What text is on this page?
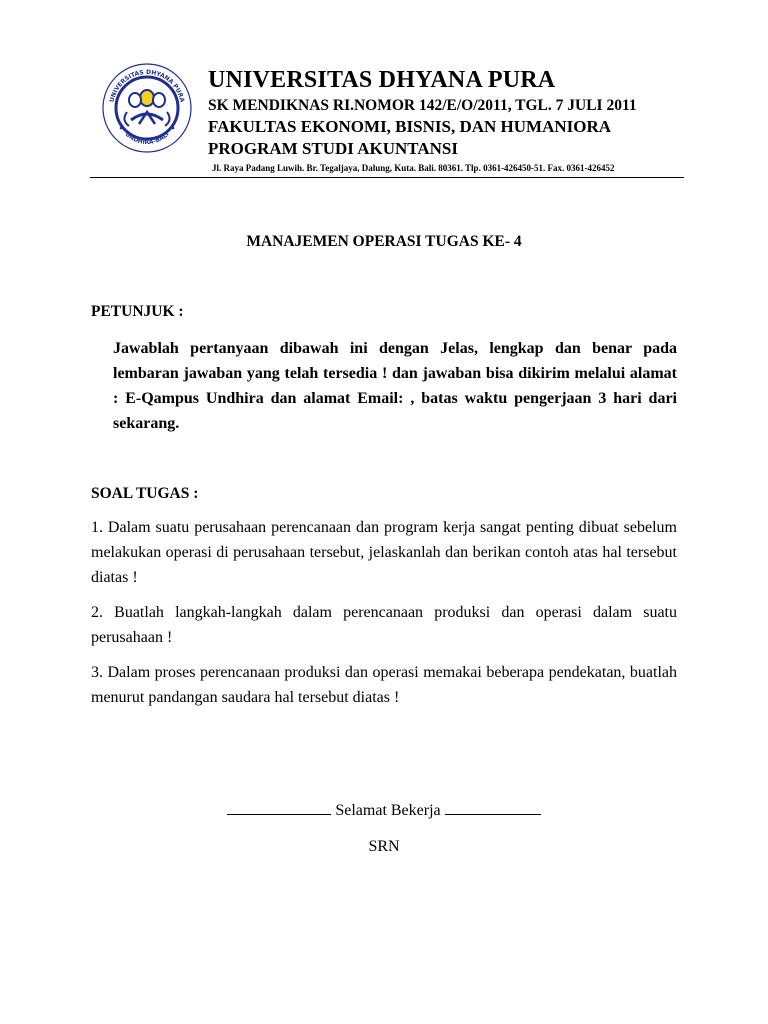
UNIVERSITAS DHYANA PURA
UNDHIRA-BALI
UNIVERSITAS DHYANA PURA
SK MENDIKNAS RI.NOMOR 142/E/O/2011, TGL. 7 JULI 2011
FAKULTAS EKONOMI, BISNIS, DAN HUMANIORA
PROGRAM STUDI AKUNTANSI
Jl. Raya Padang Luwih. Br. Tegaljaya, Dalung, Kuta. Bali. 80361. Tlp. 0361-426450-51. Fax. 0361-426452
MANAJEMEN OPERASI TUGAS KE- 4
PETUNJUK :
Jawablah pertanyaan dibawah ini dengan Jelas, lengkap dan benar pada lembaran jawaban yang telah tersedia ! dan jawaban bisa dikirim melalui alamat : E-Qampus Undhira dan alamat Email: , batas waktu pengerjaan 3 hari dari sekarang.
SOAL TUGAS :

1. Dalam suatu perusahaan perencanaan dan program kerja sangat penting dibuat sebelum melakukan operasi di perusahaan tersebut, jelaskanlah dan berikan contoh atas hal tersebut diatas !

2. Buatlah langkah-langkah dalam perencanaan produksi dan operasi dalam suatu perusahaan !

3. Dalam proses perencanaan produksi dan operasi memakai beberapa pendekatan, buatlah menurut pandangan saudara hal tersebut diatas !

Selamat Bekerja
SRN
